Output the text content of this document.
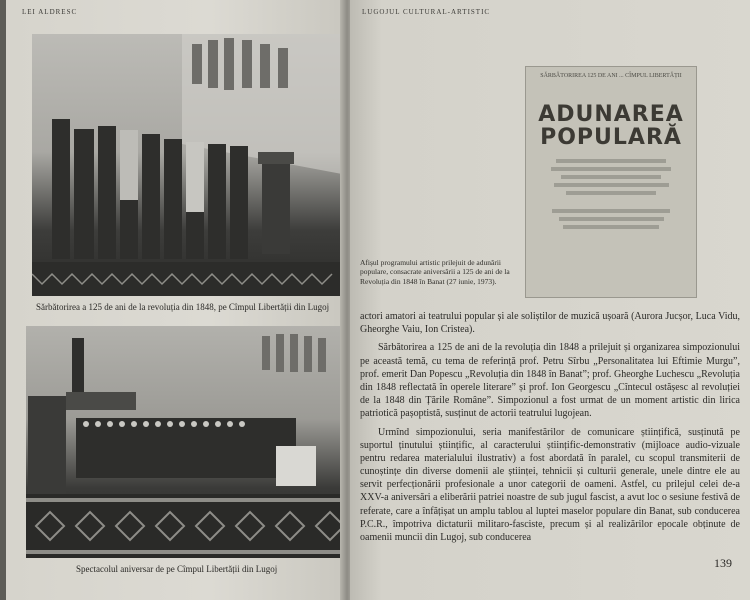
LEI ALDRESC
Sărbătorirea a 125 de ani de la revoluția din 1848, pe Cîmpul Libertății din Lugoj
Spectacolul aniversar de pe Cîmpul Libertății din Lugoj
LUGOJUL CULTURAL-ARTISTIC
SĂRBĂTORIREA 125 DE ANI ... CÎMPUL LIBERTĂȚII
ADUNAREA
POPULARĂ
Afișul programului artistic prilejuit de adunării populare, consacrate aniversării a 125 de ani de la Revoluția din 1848 în Banat (27 iunie, 1973).

actori amatori ai teatrului popular și ale soliștilor de muzică ușoară (Aurora Jucșor, Luca Vidu, Gheorghe Vaiu, Ion Cristea).

Sărbătorirea a 125 de ani de la revoluția din 1848 a prilejuit și organizarea simpozionului pe această temă, cu tema de referință prof. Petru Sîrbu „Personalitatea lui Eftimie Murgu”, prof. emerit Dan Popescu „Revoluția din 1848 în Banat”; prof. Gheorghe Luchescu „Revoluția din 1848 reflectată în operele literare” și prof. Ion Georgescu „Cîntecul ostășesc al revoluției de la 1848 din Țările Române”. Simpozionul a fost urmat de un moment artistic din lirica patriotică pașoptistă, susținut de actorii teatrului lugojean.

Urmînd simpozionului, seria manifestărilor de comunicare științifică, susținută pe suportul ținutului științific, al caracterului științific-demonstrativ (mijloace audio-vizuale pentru redarea materialului ilustrativ) a fost abordată în paralel, cu scopul transmiterii de cunoștințe din diverse domenii ale științei, tehnicii și culturii generale, unele dintre ele au servit perfecționării profesionale a unor categorii de oameni. Astfel, cu prilejul celei de-a XXV-a aniversări a eliberării patriei noastre de sub jugul fascist, a avut loc o sesiune festivă de referate, care a înfățișat un amplu tablou al luptei maselor populare din Banat, sub conducerea P.C.R., împotriva dictaturii militaro-fasciste, precum și al realizărilor epocale obținute de oamenii muncii din Lugoj, sub conducerea

139
